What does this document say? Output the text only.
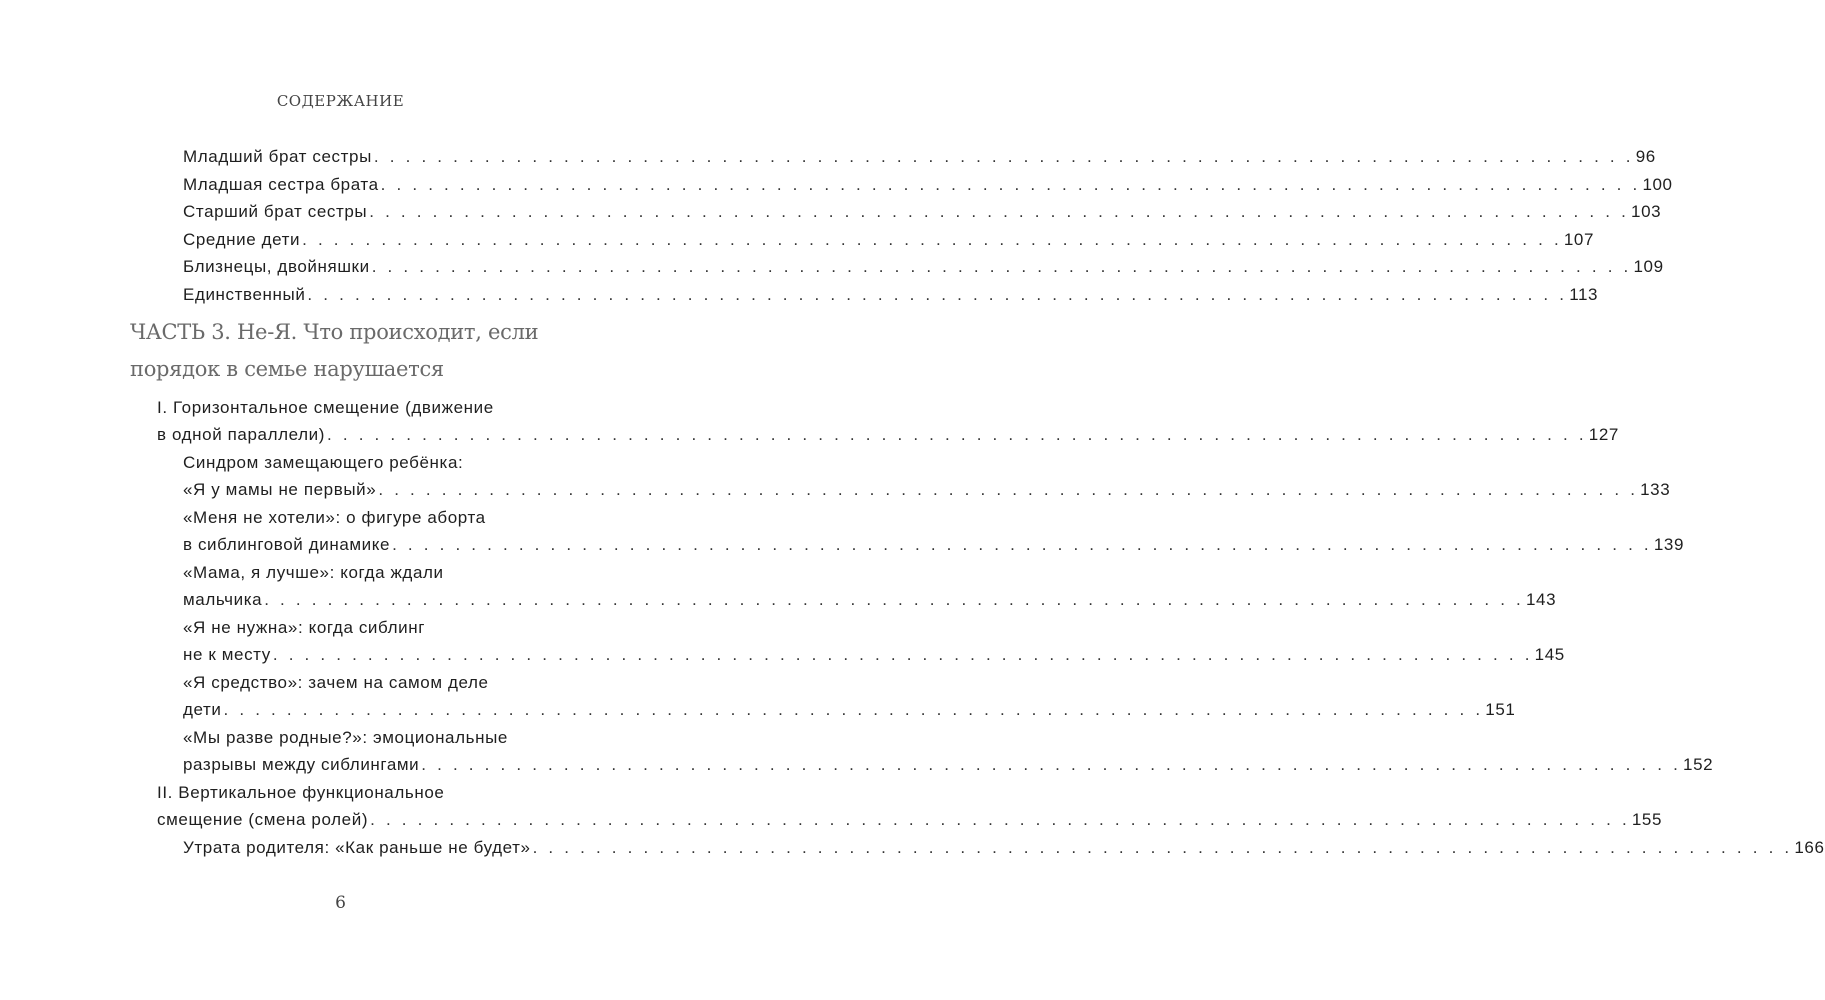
СОДЕРЖАНИЕ
Младший брат сестры . . . . . . . . . . . . . . . . . . . . . . . . . . . . . . . . . . . . . . . . . . . . . . . . . . . . . . . . . . . . . . . . . . . . . . . . . . . . . . . . 96
Младшая сестра брата . . . . . . . . . . . . . . . . . . . . . . . . . . . . . . . . . . . . . . . . . . . . . . . . . . . . . . . . . . . . . . . . . . . . . . . . . . . . . . . . 100
Старший брат сестры . . . . . . . . . . . . . . . . . . . . . . . . . . . . . . . . . . . . . . . . . . . . . . . . . . . . . . . . . . . . . . . . . . . . . . . . . . . . . . . . 103
Средние дети . . . . . . . . . . . . . . . . . . . . . . . . . . . . . . . . . . . . . . . . . . . . . . . . . . . . . . . . . . . . . . . . . . . . . . . . . . . . . . . . 107
Близнецы, двойняшки . . . . . . . . . . . . . . . . . . . . . . . . . . . . . . . . . . . . . . . . . . . . . . . . . . . . . . . . . . . . . . . . . . . . . . . . . . . . . . . . 109
Единственный . . . . . . . . . . . . . . . . . . . . . . . . . . . . . . . . . . . . . . . . . . . . . . . . . . . . . . . . . . . . . . . . . . . . . . . . . . . . . . . . 113
ЧАСТЬ 3. Не-Я. Что происходит, если порядок в семье нарушается
I. Горизонтальное смещение (движение
в одной параллели) . . . . . . . . . . . . . . . . . . . . . . . . . . . . . . . . . . . . . . . . . . . . . . . . . . . . . . . . . . . . . . . . . . . . . . . . . . . . . . . . 127
Синдром замещающего ребёнка:
«Я у мамы не первый» . . . . . . . . . . . . . . . . . . . . . . . . . . . . . . . . . . . . . . . . . . . . . . . . . . . . . . . . . . . . . . . . . . . . . . . . . . . . . . . . 133
«Меня не хотели»: о фигуре аборта
в сиблинговой динамике . . . . . . . . . . . . . . . . . . . . . . . . . . . . . . . . . . . . . . . . . . . . . . . . . . . . . . . . . . . . . . . . . . . . . . . . . . . . . . . . 139
«Мама, я лучше»: когда ждали
мальчика . . . . . . . . . . . . . . . . . . . . . . . . . . . . . . . . . . . . . . . . . . . . . . . . . . . . . . . . . . . . . . . . . . . . . . . . . . . . . . . . 143
«Я не нужна»: когда сиблинг
не к месту . . . . . . . . . . . . . . . . . . . . . . . . . . . . . . . . . . . . . . . . . . . . . . . . . . . . . . . . . . . . . . . . . . . . . . . . . . . . . . . . 145
«Я средство»: зачем на самом деле
дети . . . . . . . . . . . . . . . . . . . . . . . . . . . . . . . . . . . . . . . . . . . . . . . . . . . . . . . . . . . . . . . . . . . . . . . . . . . . . . . . 151
«Мы разве родные?»: эмоциональные
разрывы между сиблингами . . . . . . . . . . . . . . . . . . . . . . . . . . . . . . . . . . . . . . . . . . . . . . . . . . . . . . . . . . . . . . . . . . . . . . . . . . . . . . . . 152
II. Вертикальное функциональное
смещение (смена ролей) . . . . . . . . . . . . . . . . . . . . . . . . . . . . . . . . . . . . . . . . . . . . . . . . . . . . . . . . . . . . . . . . . . . . . . . . . . . . . . . . 155
Утрата родителя: «Как раньше не будет» . . . . . . . . . . . . . . . . . . . . . . . . . . . . . . . . . . . . . . . . . . . . . . . . . . . . . . . . . . . . . . . . . . . . . . . . . . . . . . . . 166
6
